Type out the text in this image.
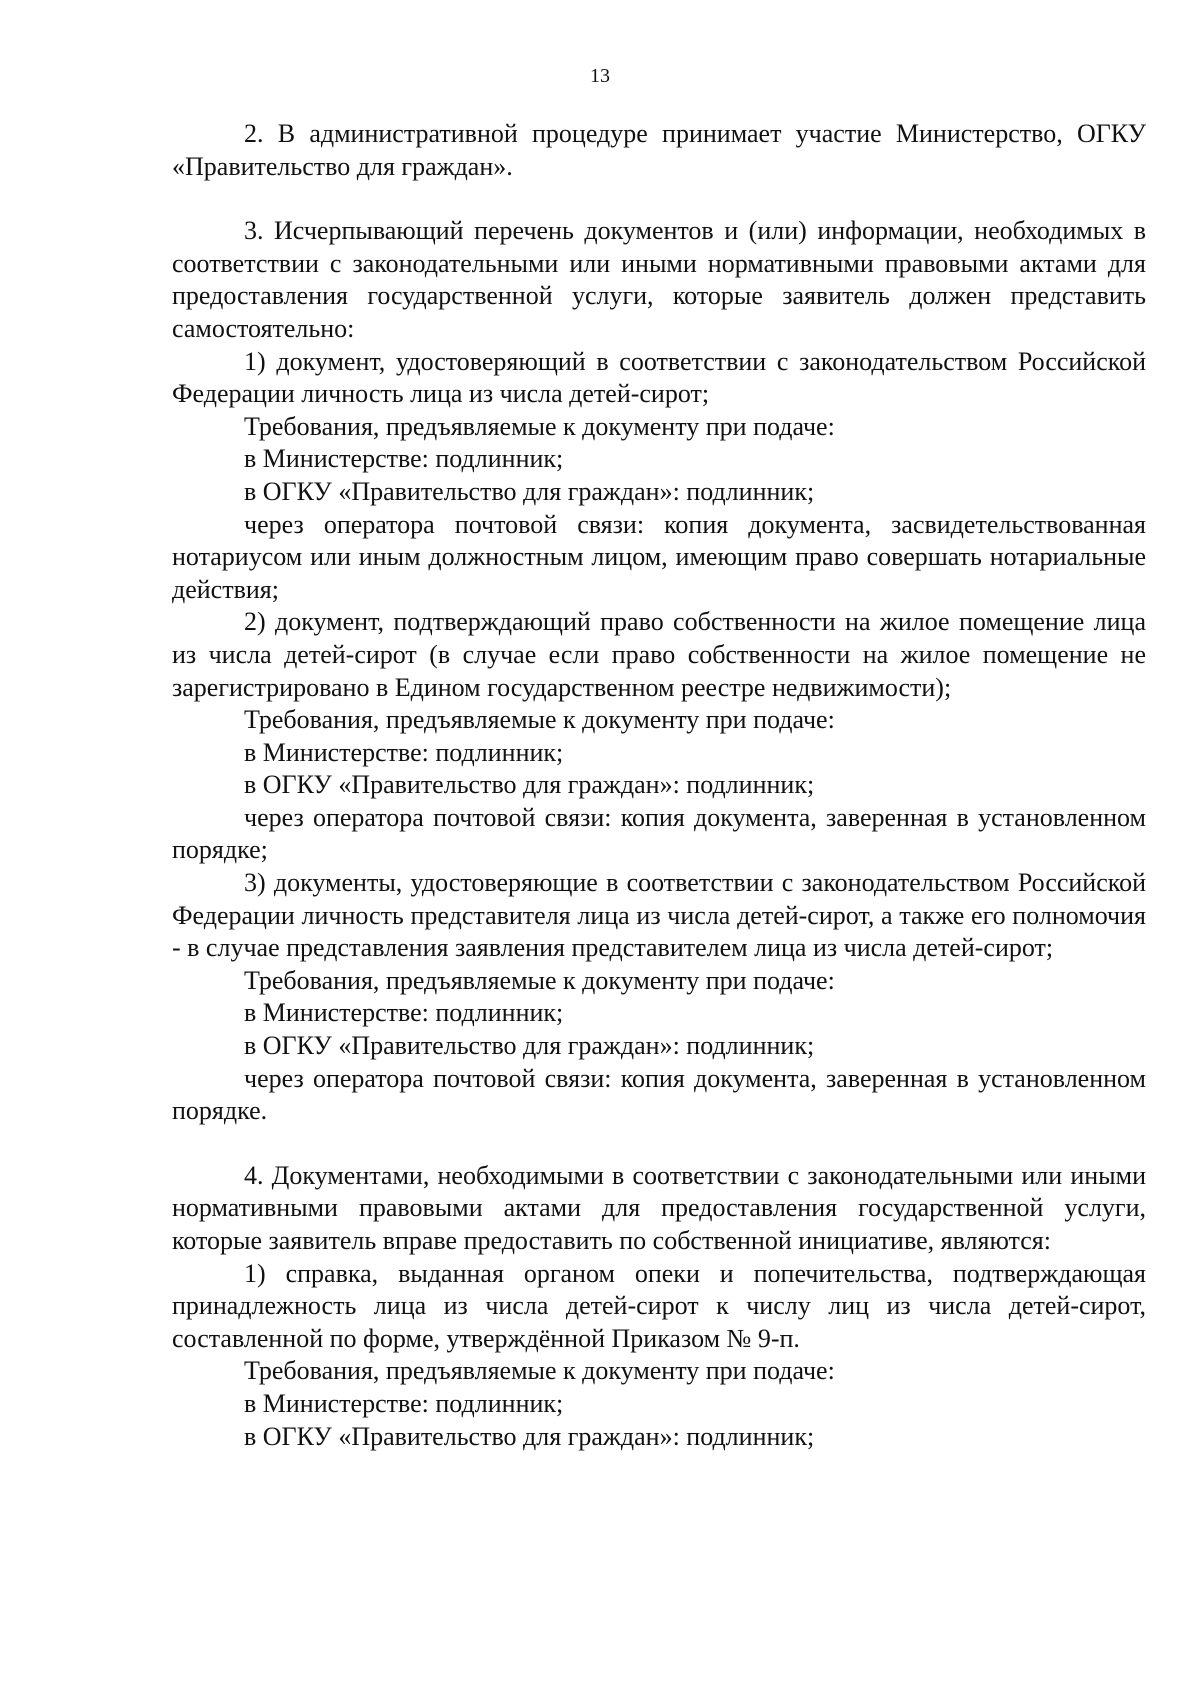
13

2. В административной процедуре принимает участие Министерство, ОГКУ «Правительство для граждан».

3. Исчерпывающий перечень документов и (или) информации, необходимых в соответствии с законодательными или иными нормативными правовыми актами для предоставления государственной услуги, которые заявитель должен представить самостоятельно:

1) документ, удостоверяющий в соответствии с законодательством Российской Федерации личность лица из числа детей-сирот;

Требования, предъявляемые к документу при подаче:

в Министерстве: подлинник;

в ОГКУ «Правительство для граждан»: подлинник;

через оператора почтовой связи: копия документа, засвидетельствованная нотариусом или иным должностным лицом, имеющим право совершать нотариальные действия;

2) документ, подтверждающий право собственности на жилое помещение лица из числа детей-сирот (в случае если право собственности на жилое помещение не зарегистрировано в Едином государственном реестре недвижимости);

Требования, предъявляемые к документу при подаче:

в Министерстве: подлинник;

в ОГКУ «Правительство для граждан»: подлинник;

через оператора почтовой связи: копия документа, заверенная в установленном порядке;

3) документы, удостоверяющие в соответствии с законодательством Российской Федерации личность представителя лица из числа детей-сирот, а также его полномочия - в случае представления заявления представителем лица из числа детей-сирот;

Требования, предъявляемые к документу при подаче:

в Министерстве: подлинник;

в ОГКУ «Правительство для граждан»: подлинник;

через оператора почтовой связи: копия документа, заверенная в установленном порядке.

4. Документами, необходимыми в соответствии с законодательными или иными нормативными правовыми актами для предоставления государственной услуги, которые заявитель вправе предоставить по собственной инициативе, являются:

1) справка, выданная органом опеки и попечительства, подтверждающая принадлежность лица из числа детей-сирот к числу лиц из числа детей-сирот, составленной по форме, утверждённой Приказом № 9-п.

Требования, предъявляемые к документу при подаче:

в Министерстве: подлинник;

в ОГКУ «Правительство для граждан»: подлинник;
